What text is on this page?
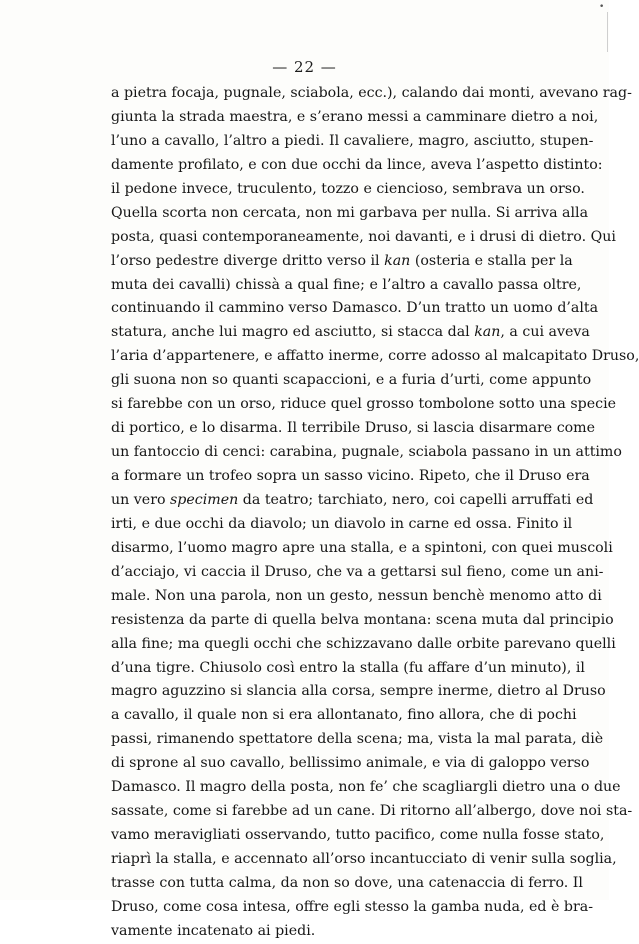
•
— 22 —
a pietra focaja, pugnale, sciabola, ecc.), calando dai monti, avevano rag-
giunta la strada maestra, e s’erano messi a camminare dietro a noi,
l’uno a cavallo, l’altro a piedi. Il cavaliere, magro, asciutto, stupen-
damente profilato, e con due occhi da lince, aveva l’aspetto distinto:
il pedone invece, truculento, tozzo e ciencioso, sembrava un orso.
Quella scorta non cercata, non mi garbava per nulla. Si arriva alla
posta, quasi contemporaneamente, noi davanti, e i drusi di dietro. Qui
l’orso pedestre diverge dritto verso il kan (osteria e stalla per la
muta dei cavalli) chissà a qual fine; e l’altro a cavallo passa oltre,
continuando il cammino verso Damasco. D’un tratto un uomo d’alta
statura, anche lui magro ed asciutto, si stacca dal kan, a cui aveva
l’aria d’appartenere, e affatto inerme, corre adosso al malcapitato Druso,
gli suona non so quanti scapaccioni, e a furia d’urti, come appunto
si farebbe con un orso, riduce quel grosso tombolone sotto una specie
di portico, e lo disarma. Il terribile Druso, si lascia disarmare come
un fantoccio di cenci: carabina, pugnale, sciabola passano in un attimo
a formare un trofeo sopra un sasso vicino. Ripeto, che il Druso era
un vero specimen da teatro; tarchiato, nero, coi capelli arruffati ed
irti, e due occhi da diavolo; un diavolo in carne ed ossa. Finito il
disarmo, l’uomo magro apre una stalla, e a spintoni, con quei muscoli
d’acciajo, vi caccia il Druso, che va a gettarsi sul fieno, come un ani-
male. Non una parola, non un gesto, nessun benchè menomo atto di
resistenza da parte di quella belva montana: scena muta dal principio
alla fine; ma quegli occhi che schizzavano dalle orbite parevano quelli
d’una tigre. Chiusolo così entro la stalla (fu affare d’un minuto), il
magro aguzzino si slancia alla corsa, sempre inerme, dietro al Druso
a cavallo, il quale non si era allontanato, fino allora, che di pochi
passi, rimanendo spettatore della scena; ma, vista la mal parata, diè
di sprone al suo cavallo, bellissimo animale, e via di galoppo verso
Damasco. Il magro della posta, non fe’ che scagliargli dietro una o due
sassate, come si farebbe ad un cane. Di ritorno all’albergo, dove noi sta-
vamo meravigliati osservando, tutto pacifico, come nulla fosse stato,
riaprì la stalla, e accennato all’orso incantucciato di venir sulla soglia,
trasse con tutta calma, da non so dove, una catenaccia di ferro. Il
Druso, come cosa intesa, offre egli stesso la gamba nuda, ed è bra-
vamente incatenato ai piedi.
